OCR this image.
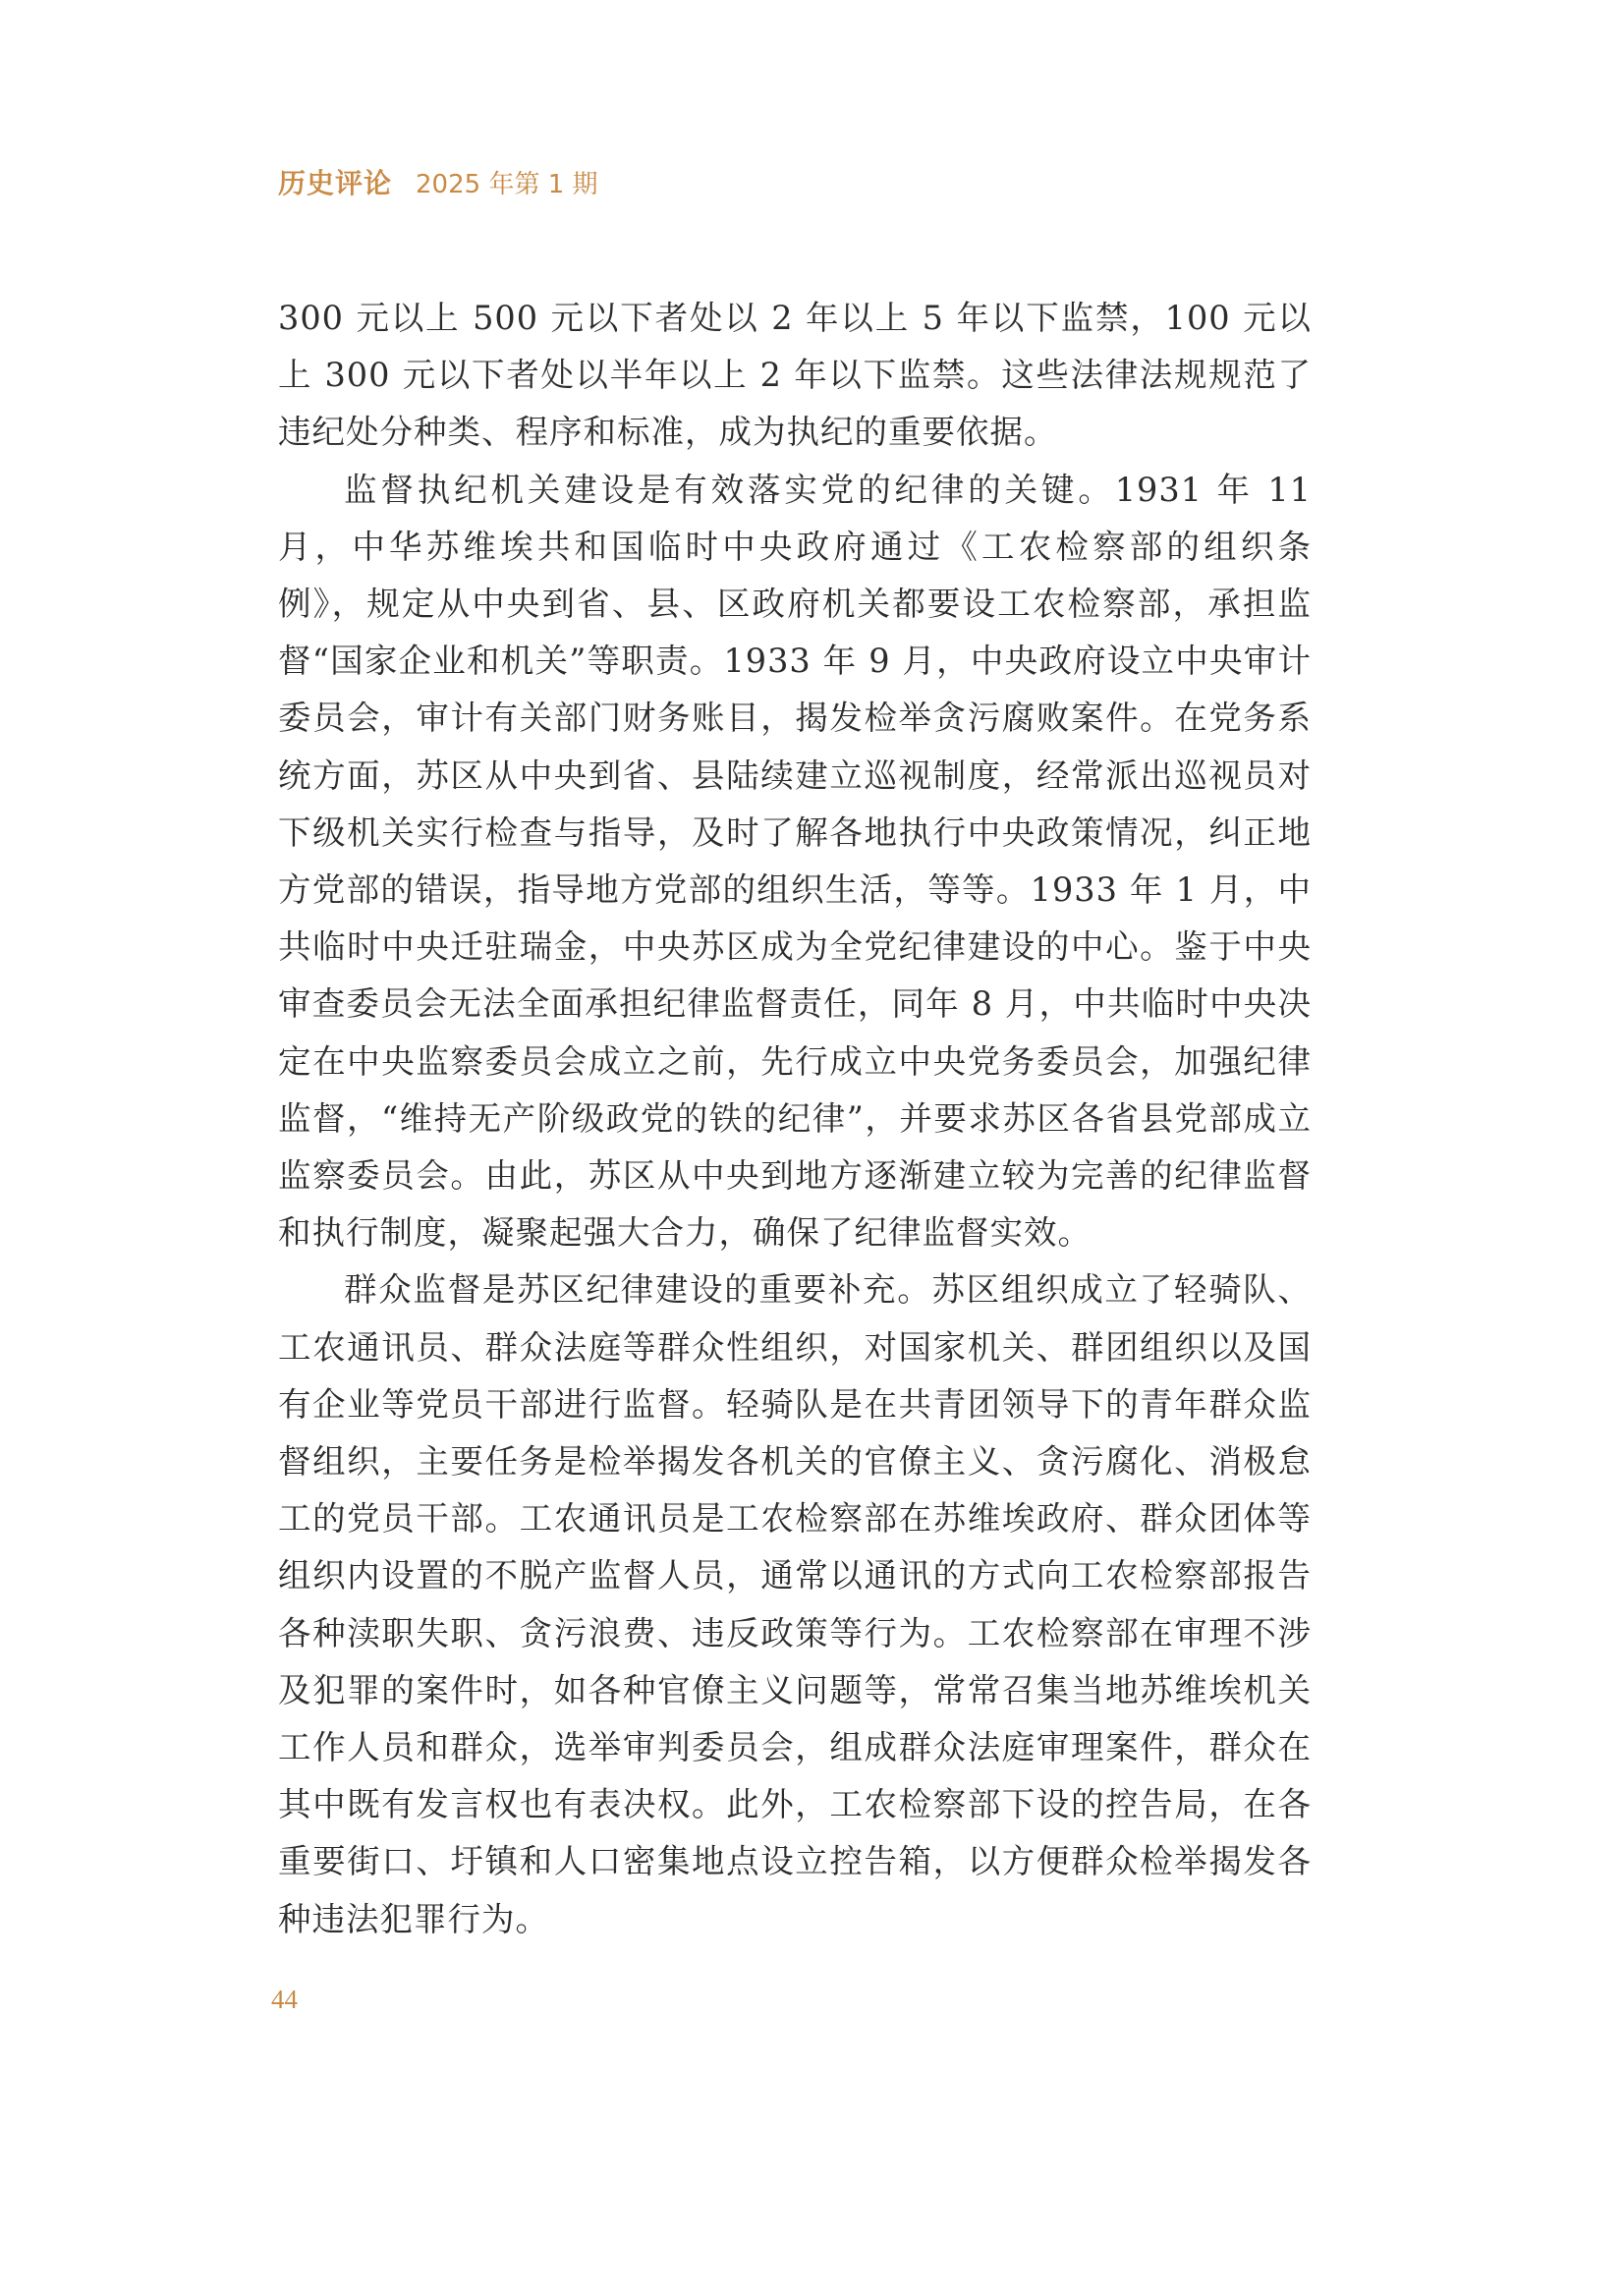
历史评论 2025 年第 1 期

300 元以上 500 元以下者处以 2 年以上 5 年以下监禁，100 元以上 300 元以下者处以半年以上 2 年以下监禁。这些法律法规规范了违纪处分种类、程序和标准，成为执纪的重要依据。

监督执纪机关建设是有效落实党的纪律的关键。1931 年 11 月，中华苏维埃共和国临时中央政府通过《工农检察部的组织条例》，规定从中央到省、县、区政府机关都要设工农检察部，承担监督“国家企业和机关”等职责。1933 年 9 月，中央政府设立中央审计委员会，审计有关部门财务账目，揭发检举贪污腐败案件。在党务系统方面，苏区从中央到省、县陆续建立巡视制度，经常派出巡视员对下级机关实行检查与指导，及时了解各地执行中央政策情况，纠正地方党部的错误，指导地方党部的组织生活，等等。1933 年 1 月，中共临时中央迁驻瑞金，中央苏区成为全党纪律建设的中心。鉴于中央审查委员会无法全面承担纪律监督责任，同年 8 月，中共临时中央决定在中央监察委员会成立之前，先行成立中央党务委员会，加强纪律监督，“维持无产阶级政党的铁的纪律”，并要求苏区各省县党部成立监察委员会。由此，苏区从中央到地方逐渐建立较为完善的纪律监督和执行制度，凝聚起强大合力，确保了纪律监督实效。

群众监督是苏区纪律建设的重要补充。苏区组织成立了轻骑队、工农通讯员、群众法庭等群众性组织，对国家机关、群团组织以及国有企业等党员干部进行监督。轻骑队是在共青团领导下的青年群众监督组织，主要任务是检举揭发各机关的官僚主义、贪污腐化、消极怠工的党员干部。工农通讯员是工农检察部在苏维埃政府、群众团体等组织内设置的不脱产监督人员，通常以通讯的方式向工农检察部报告各种渎职失职、贪污浪费、违反政策等行为。工农检察部在审理不涉及犯罪的案件时，如各种官僚主义问题等，常常召集当地苏维埃机关工作人员和群众，选举审判委员会，组成群众法庭审理案件，群众在其中既有发言权也有表决权。此外，工农检察部下设的控告局，在各重要街口、圩镇和人口密集地点设立控告箱，以方便群众检举揭发各种违法犯罪行为。

44
